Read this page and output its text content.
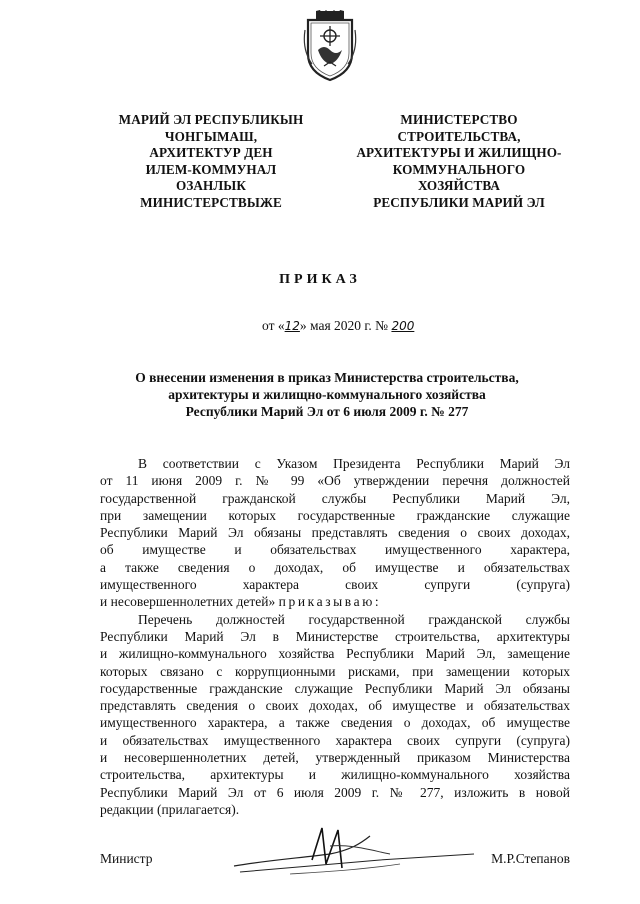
МАРИЙ ЭЛ РЕСПУБЛИКЫН
ЧОНГЫМАШ,
АРХИТЕКТУР ДЕН
ИЛЕМ-КОММУНАЛ
ОЗАНЛЫК
МИНИСТЕРСТВЫЖЕ
МИНИСТЕРСТВО
СТРОИТЕЛЬСТВА,
АРХИТЕКТУРЫ И ЖИЛИЩНО-
КОММУНАЛЬНОГО
ХОЗЯЙСТВА
РЕСПУБЛИКИ МАРИЙ ЭЛ
ПРИКАЗ
от «12» мая 2020 г. № 200
О внесении изменения в приказ Министерства строительства,
архитектуры и жилищно-коммунального хозяйства
Республики Марий Эл от 6 июля 2009 г. № 277
В соответствии с Указом Президента Республики Марий Эл
от 11 июня 2009 г. № 99 «Об утверждении перечня должностей
государственной гражданской службы Республики Марий Эл,
при замещении которых государственные гражданские служащие
Республики Марий Эл обязаны представлять сведения о своих доходах,
об имуществе и обязательствах имущественного характера,
а также сведения о доходах, об имуществе и обязательствах
имущественного характера своих супруги (супруга)
и несовершеннолетних детей» приказываю:
Перечень должностей государственной гражданской службы
Республики Марий Эл в Министерстве строительства, архитектуры
и жилищно-коммунального хозяйства Республики Марий Эл, замещение
которых связано с коррупционными рисками, при замещении которых
государственные гражданские служащие Республики Марий Эл обязаны
представлять сведения о своих доходах, об имуществе и обязательствах
имущественного характера, а также сведения о доходах, об имуществе
и обязательствах имущественного характера своих супруги (супруга)
и несовершеннолетних детей, утвержденный приказом Министерства
строительства, архитектуры и жилищно-коммунального хозяйства
Республики Марий Эл от 6 июля 2009 г. № 277, изложить в новой
редакции (прилагается).
Министр	М.Р.Степанов
